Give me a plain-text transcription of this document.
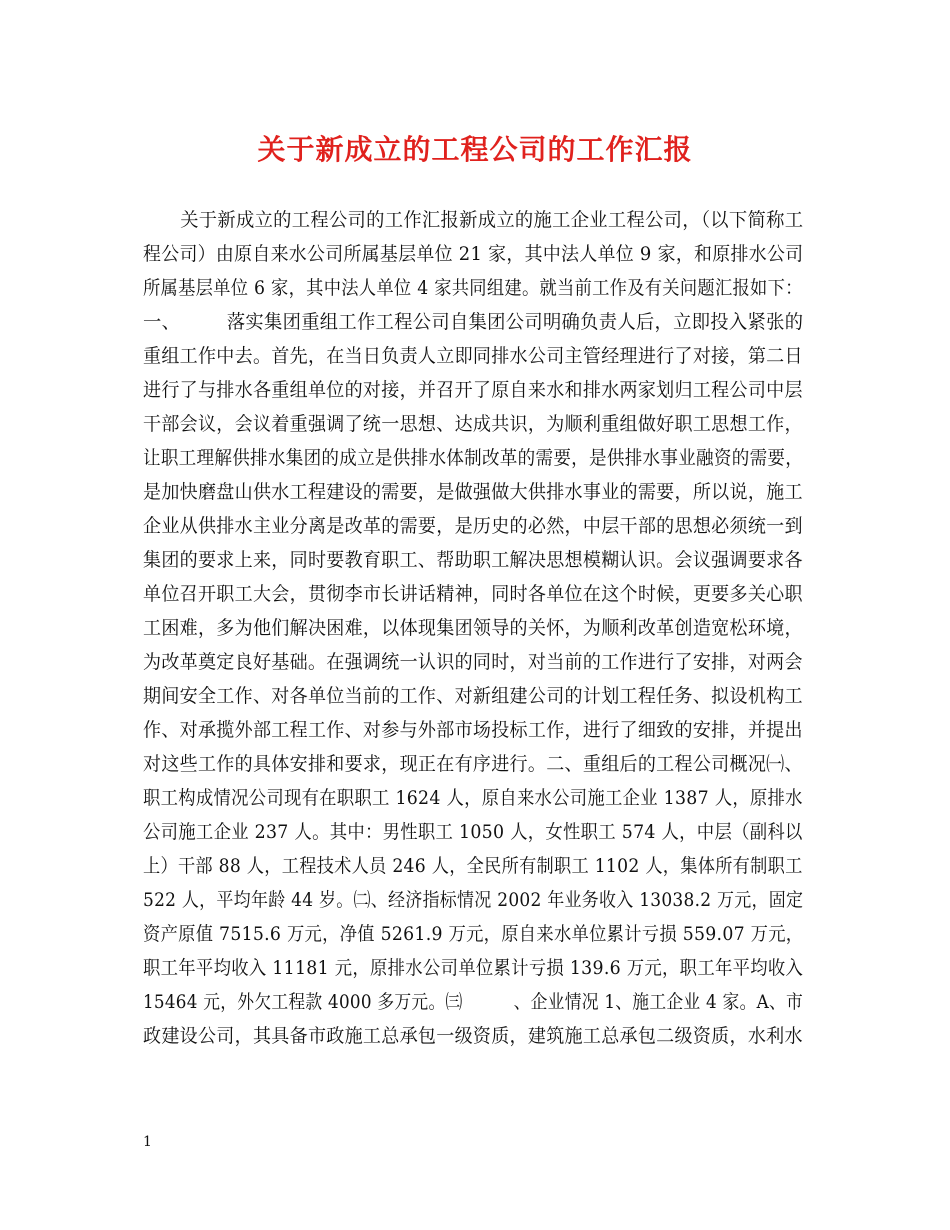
关于新成立的工程公司的工作汇报
　　关于新成立的工程公司的工作汇报新成立的施工企业工程公司，（以下简称工
程公司）由原自来水公司所属基层单位 21 家，其中法人单位 9 家，和原排水公司
所属基层单位 6 家，其中法人单位 4 家共同组建。就当前工作及有关问题汇报如下：
一、　　　落实集团重组工作工程公司自集团公司明确负责人后，立即投入紧张的
重组工作中去。首先，在当日负责人立即同排水公司主管经理进行了对接，第二日
进行了与排水各重组单位的对接，并召开了原自来水和排水两家划归工程公司中层
干部会议，会议着重强调了统一思想、达成共识，为顺利重组做好职工思想工作，
让职工理解供排水集团的成立是供排水体制改革的需要，是供排水事业融资的需要，
是加快磨盘山供水工程建设的需要，是做强做大供排水事业的需要，所以说，施工
企业从供排水主业分离是改革的需要，是历史的必然，中层干部的思想必须统一到
集团的要求上来，同时要教育职工、帮助职工解决思想模糊认识。会议强调要求各
单位召开职工大会，贯彻李市长讲话精神，同时各单位在这个时候，更要多关心职
工困难，多为他们解决困难，以体现集团领导的关怀，为顺利改革创造宽松环境，
为改革奠定良好基础。在强调统一认识的同时，对当前的工作进行了安排，对两会
期间安全工作、对各单位当前的工作、对新组建公司的计划工程任务、拟设机构工
作、对承揽外部工程工作、对参与外部市场投标工作，进行了细致的安排，并提出
对这些工作的具体安排和要求，现正在有序进行。二、重组后的工程公司概况㈠、
职工构成情况公司现有在职职工 1624 人，原自来水公司施工企业 1387 人，原排水
公司施工企业 237 人。其中：男性职工 1050 人，女性职工 574 人，中层（副科以
上）干部 88 人，工程技术人员 246 人，全民所有制职工 1102 人，集体所有制职工
522 人，平均年龄 44 岁。㈡、经济指标情况 2002 年业务收入 13038.2 万元，固定
资产原值 7515.6 万元，净值 5261.9 万元，原自来水单位累计亏损 559.07 万元，
职工年平均收入 11181 元，原排水公司单位累计亏损 139.6 万元，职工年平均收入
15464 元，外欠工程款 4000 多万元。㈢　　　、企业情况 1、施工企业 4 家。A、市
政建设公司，其具备市政施工总承包一级资质，建筑施工总承包二级资质，水利水
1
